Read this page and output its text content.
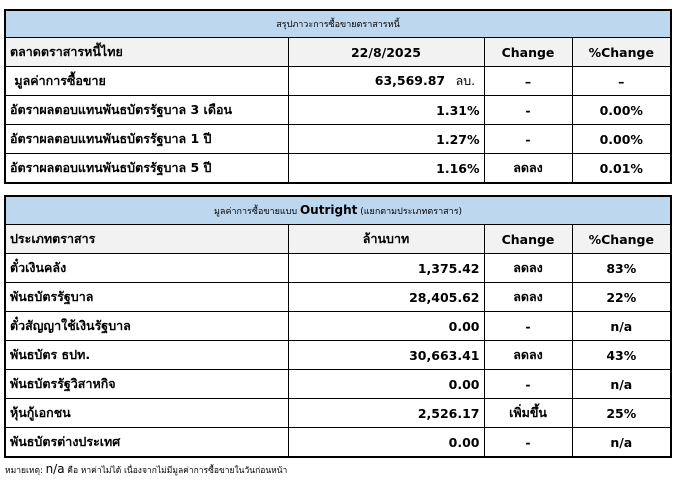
สรุปภาวะการซื้อขายตราสารหนี้			
ตลาดตราสารหนี้ไทย	22/8/2025	Change	%Change
มูลค่าการซื้อขาย	63,569.87 ลบ.	–	–
อัตราผลตอบแทนพันธบัตรรัฐบาล 3 เดือน	1.31%	-	0.00%
อัตราผลตอบแทนพันธบัตรรัฐบาล 1 ปี	1.27%	-	0.00%
อัตราผลตอบแทนพันธบัตรรัฐบาล 5 ปี	1.16%	ลดลง	0.01%
มูลค่าการซื้อขายแบบ Outright (แยกตามประเภทตราสาร)			
ประเภทตราสาร	ล้านบาท	Change	%Change
ตั๋วเงินคลัง	1,375.42	ลดลง	83%
พันธบัตรรัฐบาล	28,405.62	ลดลง	22%
ตั๋วสัญญาใช้เงินรัฐบาล	0.00	-	n/a
พันธบัตร ธปท.	30,663.41	ลดลง	43%
พันธบัตรรัฐวิสาหกิจ	0.00	-	n/a
หุ้นกู้เอกชน	2,526.17	เพิ่มขึ้น	25%
พันธบัตรต่างประเทศ	0.00	-	n/a
หมายเหตุ: n/a คือ หาค่าไม่ได้ เนื่องจากไม่มีมูลค่าการซื้อขายในวันก่อนหน้า
